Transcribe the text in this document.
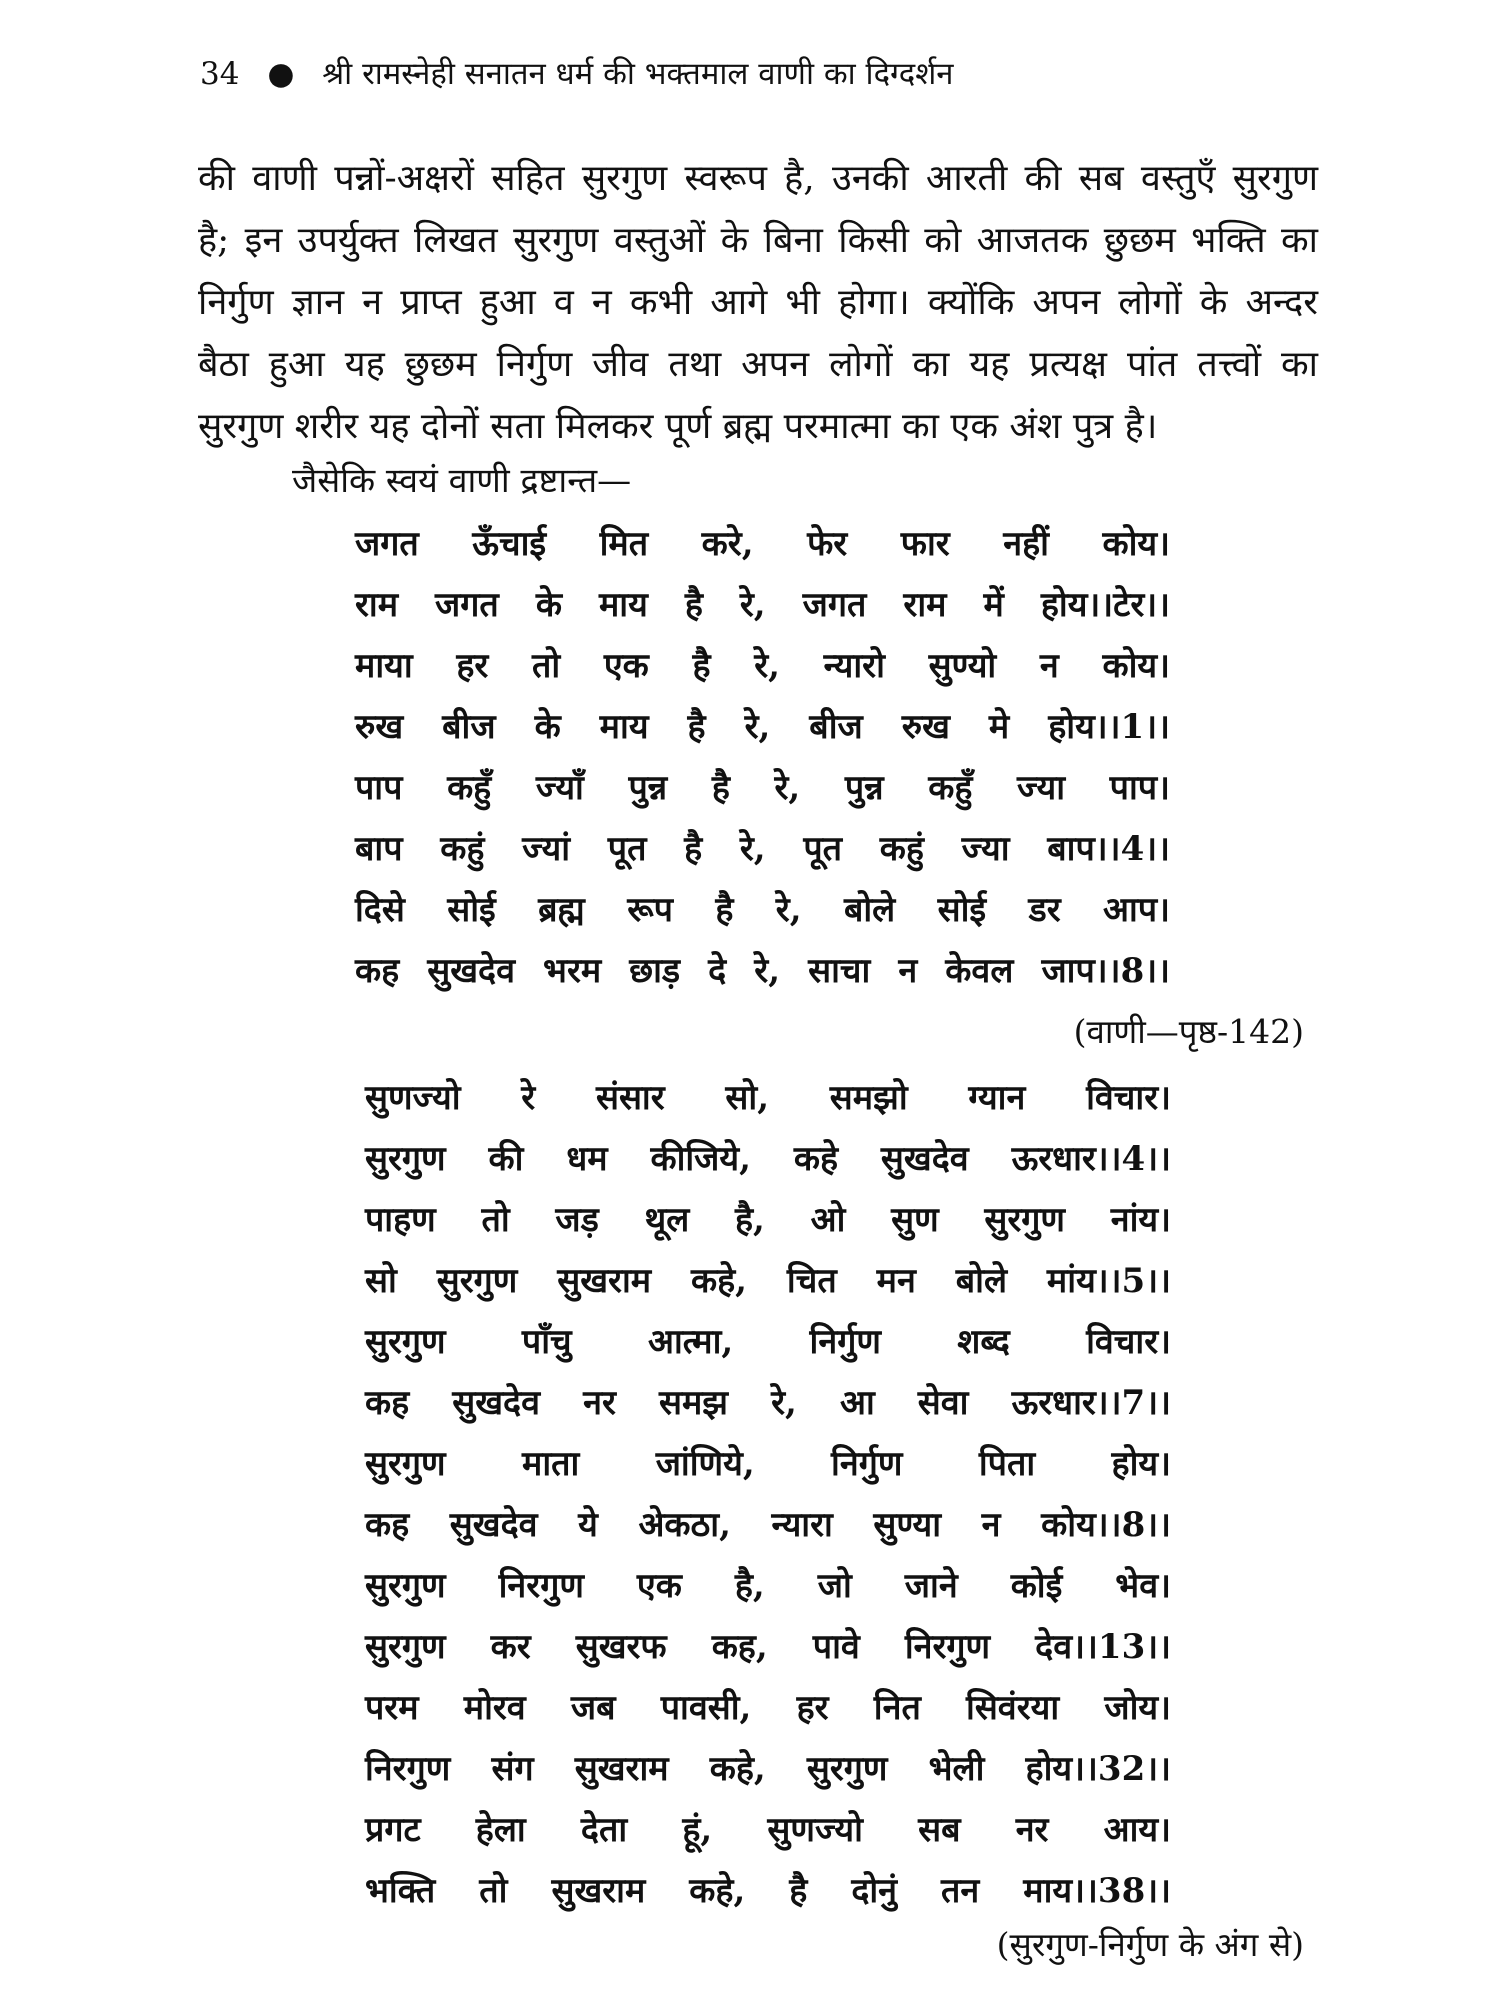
34 ● श्री रामस्नेही सनातन धर्म की भक्तमाल वाणी का दिग्दर्शन
की वाणी पन्नों-अक्षरों सहित सुरगुण स्वरूप है, उनकी आरती की सब वस्तुएँ सुरगुण
है; इन उपर्युक्त लिखत सुरगुण वस्तुओं के बिना किसी को आजतक छुछम भक्ति का
निर्गुण ज्ञान न प्राप्त हुआ व न कभी आगे भी होगा। क्योंकि अपन लोगों के अन्दर
बैठा हुआ यह छुछम निर्गुण जीव तथा अपन लोगों का यह प्रत्यक्ष पांत तत्त्वों का
सुरगुण शरीर यह दोनों सता मिलकर पूर्ण ब्रह्म परमात्मा का एक अंश पुत्र है।
जैसेकि स्वयं वाणी द्रष्टान्त—
जगत ऊँचाई मित करे, फेर फार नहीं कोय।
राम जगत के माय है रे, जगत राम में होय।।टेर।।
माया हर तो एक है रे, न्यारो सुण्यो न कोय।
रुख बीज के माय है रे, बीज रुख मे होय।।1।।
पाप कहुँ ज्याँ पुन्न है रे, पुन्न कहुँ ज्या पाप।
बाप कहुं ज्यां पूत है रे, पूत कहुं ज्या बाप।।4।।
दिसे सोई ब्रह्म रूप है रे, बोले सोई डर आप।
कह सुखदेव भरम छाड़ दे रे, साचा न केवल जाप।।8।।
(वाणी—पृष्ठ-142)
सुणज्यो रे संसार सो, समझो ग्यान विचार।
सुरगुण की धम कीजिये, कहे सुखदेव ऊरधार।।4।।
पाहण तो जड़ थूल है, ओ सुण सुरगुण नांय।
सो सुरगुण सुखराम कहे, चित मन बोले मांय।।5।।
सुरगुण पाँचु आत्मा, निर्गुण शब्द विचार।
कह सुखदेव नर समझ रे, आ सेवा ऊरधार।।7।।
सुरगुण माता जांणिये, निर्गुण पिता होय।
कह सुखदेव ये अेकठा, न्यारा सुण्या न कोय।।8।।
सुरगुण निरगुण एक है, जो जाने कोई भेव।
सुरगुण कर सुखरफ कह, पावे निरगुण देव।।13।।
परम मोरव जब पावसी, हर नित सिवंरया जोय।
निरगुण संग सुखराम कहे, सुरगुण भेली होय।।32।।
प्रगट हेला देता हूं, सुणज्यो सब नर आय।
भक्ति तो सुखराम कहे, है दोनुं तन माय।।38।।
(सुरगुण-निर्गुण के अंग से)
